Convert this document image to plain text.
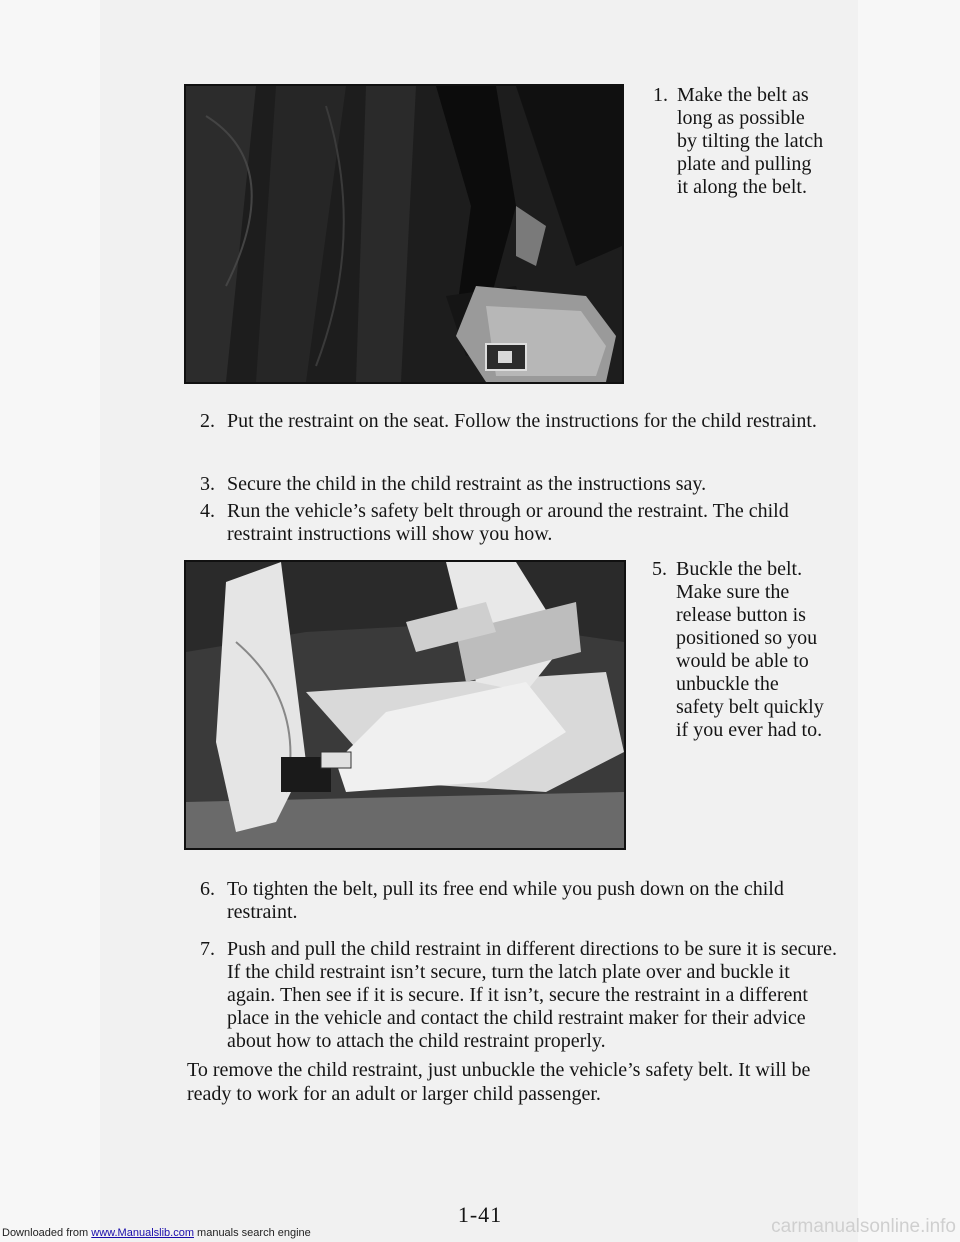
1. Make the belt as long as possible by tilting the latch plate and pulling it along the belt.
2. Put the restraint on the seat. Follow the instructions for the child restraint.
3. Secure the child in the child restraint as the instructions say.
4. Run the vehicle’s safety belt through or around the restraint. The child restraint instructions will show you how.
5. Buckle the belt. Make sure the release button is positioned so you would be able to unbuckle the safety belt quickly if you ever had to.
6. To tighten the belt, pull its free end while you push down on the child restraint.
7. Push and pull the child restraint in different directions to be sure it is secure. If the child restraint isn’t secure, turn the latch plate over and buckle it again. Then see if it is secure. If it isn’t, secure the restraint in a different place in the vehicle and contact the child restraint maker for their advice about how to attach the child restraint properly.
To remove the child restraint, just unbuckle the vehicle’s safety belt. It will be ready to work for an adult or larger child passenger.
1-41
Downloaded from www.Manualslib.com manuals search engine	carmanualsonline.info
